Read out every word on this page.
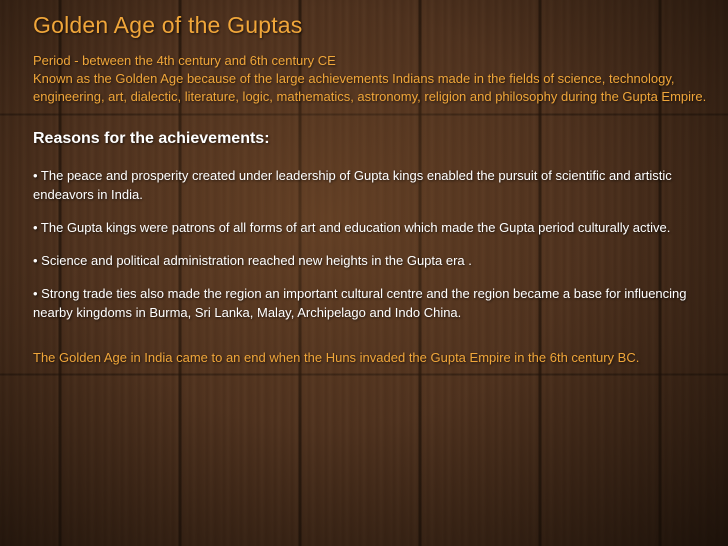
Golden Age of the Guptas

Period - between the 4th century and 6th century CE

Known as the Golden Age because of the large achievements Indians made in the fields of science, technology, engineering, art, dialectic, literature, logic, mathematics, astronomy, religion and philosophy during the Gupta Empire.

Reasons for the achievements:

• The peace and prosperity created under leadership of Gupta kings enabled the pursuit of scientific and artistic endeavors in India.

• The Gupta kings were patrons of all forms of art and education which made the Gupta period culturally active.

• Science and political administration reached new heights in the Gupta era .

• Strong trade ties also made the region an important cultural centre and the region became a base for influencing nearby kingdoms in Burma, Sri Lanka, Malay, Archipelago and Indo China.

The Golden Age in India came to an end when the Huns invaded the Gupta Empire in the 6th century BC.
